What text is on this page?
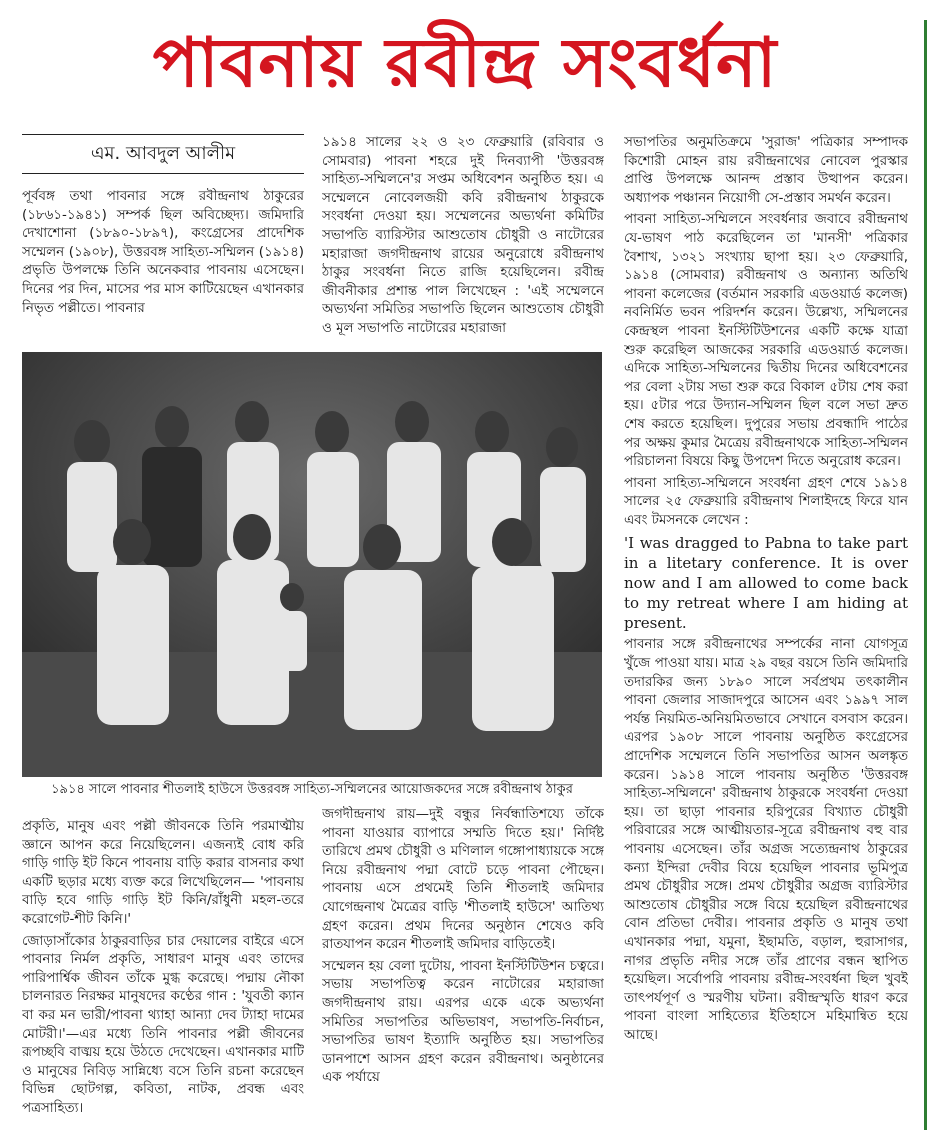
পাবনায় রবীন্দ্র সংবর্ধনা
এম. আবদুল আলীম

পূর্ববঙ্গ তথা পাবনার সঙ্গে রবীন্দ্রনাথ ঠাকুরের (১৮৬১-১৯৪১) সম্পর্ক ছিল অবিচ্ছেদ্য। জমিদারি দেখাশোনা (১৮৯০-১৮৯৭), কংগ্রেসের প্রাদেশিক সম্মেলন (১৯০৮), উত্তরবঙ্গ সাহিত্য-সম্মিলন (১৯১৪) প্রভৃতি উপলক্ষে তিনি অনেকবার পাবনায় এসেছেন। দিনের পর দিন, মাসের পর মাস কাটিয়েছেন এখানকার নিভৃত পল্লীতে। পাবনার

১৯১৪ সালের ২২ ও ২৩ ফেব্রুয়ারি (রবিবার ও সোমবার) পাবনা শহরে দুই দিনব্যাপী 'উত্তরবঙ্গ সাহিত্য-সম্মিলনে'র সপ্তম অধিবেশন অনুষ্ঠিত হয়। এ সম্মেলনে নোবেলজয়ী কবি রবীন্দ্রনাথ ঠাকুরকে সংবর্ধনা দেওয়া হয়। সম্মেলনের অভ্যর্থনা কমিটির সভাপতি ব্যারিস্টার আশুতোষ চৌধুরী ও নাটোরের মহারাজা জগদীন্দ্রনাথ রায়ের অনুরোধে রবীন্দ্রনাথ ঠাকুর সংবর্ধনা নিতে রাজি হয়েছিলেন। রবীন্দ্র জীবনীকার প্রশান্ত পাল লিখেছেন : 'এই সম্মেলনে অভ্যর্থনা সমিতির সভাপতি ছিলেন আশুতোষ চৌধুরী ও মূল সভাপতি নাটোরের মহারাজা

১৯১৪ সালে পাবনার শীতলাই হাউসে উত্তরবঙ্গ সাহিত্য-সম্মিলনের আয়োজকদের সঙ্গে রবীন্দ্রনাথ ঠাকুর

প্রকৃতি, মানুষ এবং পল্লী জীবনকে তিনি পরমাত্মীয় জ্ঞানে আপন করে নিয়েছিলেন। এজন্যই বোধ করি গাড়ি গাড়ি ইট কিনে পাবনায় বাড়ি করার বাসনার কথা একটি ছড়ার মধ্যে ব্যক্ত করে লিখেছিলেন— 'পাবনায় বাড়ি হবে গাড়ি গাড়ি ইট কিনি/রাঁধুনী মহল-তরে করোগেট-শীট কিনি।'

জোড়াসাঁকোর ঠাকুরবাড়ির চার দেয়ালের বাইরে এসে পাবনার নির্মল প্রকৃতি, সাধারণ মানুষ এবং তাদের পারিপার্শ্বিক জীবন তাঁকে মুগ্ধ করেছে। পদ্মায় নৌকা চালনারত নিরক্ষর মানুষদের কণ্ঠের গান : 'যুবতী ক্যান বা কর মন ভারী/পাবনা থ্যাহা আন্যা দেব ট্যাহা দামের মোটরী।'—এর মধ্যে তিনি পাবনার পল্লী জীবনের রূপচ্ছবি বাঙ্ময় হয়ে উঠতে দেখেছেন। এখানকার মাটি ও মানুষের নিবিড় সান্নিধ্যে বসে তিনি রচনা করেছেন বিভিন্ন ছোটগল্প, কবিতা, নাটক, প্রবন্ধ এবং পত্রসাহিত্য।

জগদীন্দ্রনাথ রায়—দুই বন্ধুর নির্বন্ধাতিশয্যে তাঁকে পাবনা যাওয়ার ব্যাপারে সম্মতি দিতে হয়।' নির্দিষ্ট তারিখে প্রমথ চৌধুরী ও মণিলাল গঙ্গোপাধ্যায়কে সঙ্গে নিয়ে রবীন্দ্রনাথ পদ্মা বোটে চড়ে পাবনা পৌছেন। পাবনায় এসে প্রথমেই তিনি শীতলাই জমিদার যোগেন্দ্রনাথ মৈত্রের বাড়ি 'শীতলাই হাউসে' আতিথ্য গ্রহণ করেন। প্রথম দিনের অনুষ্ঠান শেষেও কবি রাতযাপন করেন শীতলাই জমিদার বাড়িতেই।

সম্মেলন হয় বেলা দুটোয়, পাবনা ইনস্টিটিউশন চত্বরে। সভায় সভাপতিত্ব করেন নাটোরের মহারাজা জগদীন্দ্রনাথ রায়। এরপর একে একে অভ্যর্থনা সমিতির সভাপতির অভিভাষণ, সভাপতি-নির্বাচন, সভাপতির ভাষণ ইত্যাদি অনুষ্ঠিত হয়। সভাপতির ডানপাশে আসন গ্রহণ করেন রবীন্দ্রনাথ। অনুষ্ঠানের এক পর্যায়ে

সভাপতির অনুমতিক্রমে 'সুরাজ' পত্রিকার সম্পাদক কিশোরী মোহন রায় রবীন্দ্রনাথের নোবেল পুরস্কার প্রাপ্তি উপলক্ষে আনন্দ প্রস্তাব উত্থাপন করেন। অধ্যাপক পঞ্চানন নিয়োগী সে-প্রস্তাব সমর্থন করেন।

পাবনা সাহিত্য-সম্মিলনে সংবর্ধনার জবাবে রবীন্দ্রনাথ যে-ভাষণ পাঠ করেছিলেন তা 'মানসী' পত্রিকার বৈশাখ, ১৩২১ সংখ্যায় ছাপা হয়। ২৩ ফেব্রুয়ারি, ১৯১৪ (সোমবার) রবীন্দ্রনাথ ও অন্যান্য অতিথি পাবনা কলেজের (বর্তমান সরকারি এডওয়ার্ড কলেজ) নবনির্মিত ভবন পরিদর্শন করেন। উল্লেখ্য, সম্মিলনের কেন্দ্রস্থল পাবনা ইনস্টিটিউশনের একটি কক্ষে যাত্রা শুরু করেছিল আজকের সরকারি এডওয়ার্ড কলেজ। এদিকে সাহিত্য-সম্মিলনের দ্বিতীয় দিনের অধিবেশনের পর বেলা ২টায় সভা শুরু করে বিকাল ৫টায় শেষ করা হয়। ৫টার পরে উদ্যান-সম্মিলন ছিল বলে সভা দ্রুত শেষ করতে হয়েছিল। দুপুরের সভায় প্রবন্ধাদি পাঠের পর অক্ষয় কুমার মৈত্রেয় রবীন্দ্রনাথকে সাহিত্য-সম্মিলন পরিচালনা বিষয়ে কিছু উপদেশ দিতে অনুরোধ করেন।

পাবনা সাহিত্য-সম্মিলনে সংবর্ধনা গ্রহণ শেষে ১৯১৪ সালের ২৫ ফেব্রুয়ারি রবীন্দ্রনাথ শিলাইদহে ফিরে যান এবং টমসনকে লেখেন :

'I was dragged to Pabna to take part in a litetary conference. It is over now and I am allowed to come back to my retreat where I am hiding at present.

পাবনার সঙ্গে রবীন্দ্রনাথের সম্পর্কের নানা যোগসূত্র খুঁজে পাওয়া যায়। মাত্র ২৯ বছর বয়সে তিনি জমিদারি তদারকির জন্য ১৮৯০ সালে সর্বপ্রথম তৎকালীন পাবনা জেলার সাজাদপুরে আসেন এবং ১৯৯৭ সাল পর্যন্ত নিয়মিত-অনিয়মিতভাবে সেখানে বসবাস করেন। এরপর ১৯০৮ সালে পাবনায় অনুষ্ঠিত কংগ্রেসের প্রাদেশিক সম্মেলনে তিনি সভাপতির আসন অলঙ্কৃত করেন। ১৯১৪ সালে পাবনায় অনুষ্ঠিত 'উত্তরবঙ্গ সাহিত্য-সম্মিলনে' রবীন্দ্রনাথ ঠাকুরকে সংবর্ধনা দেওয়া হয়। তা ছাড়া পাবনার হরিপুরের বিখ্যাত চৌধুরী পরিবারের সঙ্গে আত্মীয়তার-সূত্রে রবীন্দ্রনাথ বহু বার পাবনায় এসেছেন। তাঁর অগ্রজ সত্যেন্দ্রনাথ ঠাকুরের কন্যা ইন্দিরা দেবীর বিয়ে হয়েছিল পাবনার ভূমিপুত্র প্রমথ চৌধুরীর সঙ্গে। প্রমথ চৌধুরীর অগ্রজ ব্যারিস্টার আশুতোষ চৌধুরীর সঙ্গে বিয়ে হয়েছিল রবীন্দ্রনাথের বোন প্রতিভা দেবীর। পাবনার প্রকৃতি ও মানুষ তথা এখানকার পদ্মা, যমুনা, ইছামতি, বড়াল, হুরাসাগর, নাগর প্রভৃতি নদীর সঙ্গে তাঁর প্রাণের বন্ধন স্থাপিত হয়েছিল। সর্বোপরি পাবনায় রবীন্দ্র-সংবর্ধনা ছিল খুবই তাৎপর্যপূর্ণ ও স্মরণীয় ঘটনা। রবীন্দ্রস্মৃতি ধারণ করে পাবনা বাংলা সাহিত্যের ইতিহাসে মহিমান্বিত হয়ে আছে।
